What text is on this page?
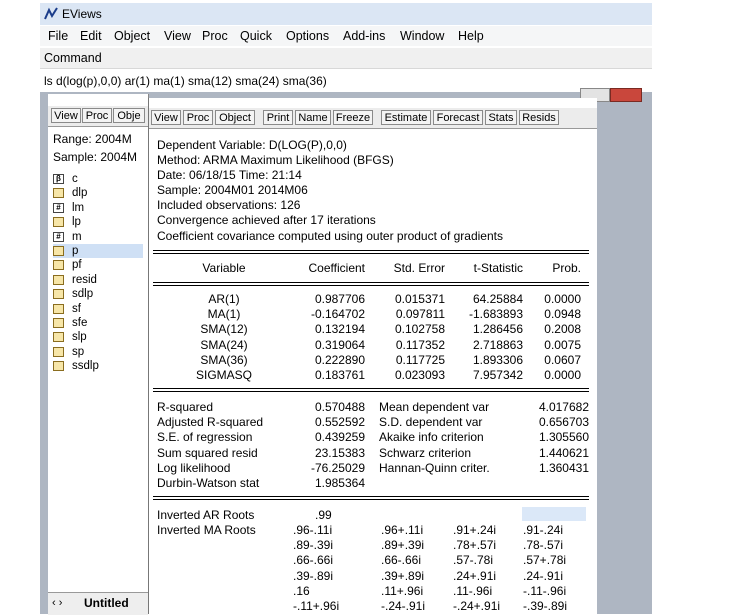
EViews
File Edit Object View Proc Quick Options Add-ins Window Help
Command
ls d(log(p),0,0) ar(1) ma(1) sma(12) sma(24) sma(36)
View Proc Obje
Range: 2004M
Sample: 2004M
β c
dlp
# lm
lp
# m
p
pf
resid
sdlp
sf
sfe
slp
sp
ssdlp
‹ › Untitled
View Proc Object	Print Name Freeze	Estimate Forecast Stats Resids
Dependent Variable: D(LOG(P),0,0)
Method: ARMA Maximum Likelihood (BFGS)
Date: 06/18/15 Time: 21:14
Sample: 2004M01 2014M06
Included observations: 126
Convergence achieved after 17 iterations
Coefficient covariance computed using outer product of gradients
Variable	Coefficient	Std. Error	t-Statistic	Prob.
AR(1)	0.987706	0.015371	64.25884	0.0000
MA(1)	-0.164702	0.097811	-1.683893	0.0948
SMA(12)	0.132194	0.102758	1.286456	0.2008
SMA(24)	0.319064	0.117352	2.718863	0.0075
SMA(36)	0.222890	0.117725	1.893306	0.0607
SIGMASQ	0.183761	0.023093	7.957342	0.0000
R-squared	0.570488 Mean dependent var	4.017682
Adjusted R-squared	0.552592 S.D. dependent var	0.656703
S.E. of regression	0.439259 Akaike info criterion	1.305560
Sum squared resid	23.15383 Schwarz criterion	1.440621
Log likelihood	-76.25029 Hannan-Quinn criter.	1.360431
Durbin-Watson stat	1.985364
Inverted AR Roots	.99
Inverted MA Roots	.96-.11i	.96+.11i .91+.24i .91-.24i
.89-.39i	.89+.39i .78+.57i .78-.57i
.66-.66i	.66-.66i	.57-.78i .57+.78i
.39-.89i	.39+.89i .24+.91i .24-.91i
.16	.11+.96i .11-.96i	-.11-.96i
-.11+.96i	-.24-.91i -.24+.91i -.39-.89i
